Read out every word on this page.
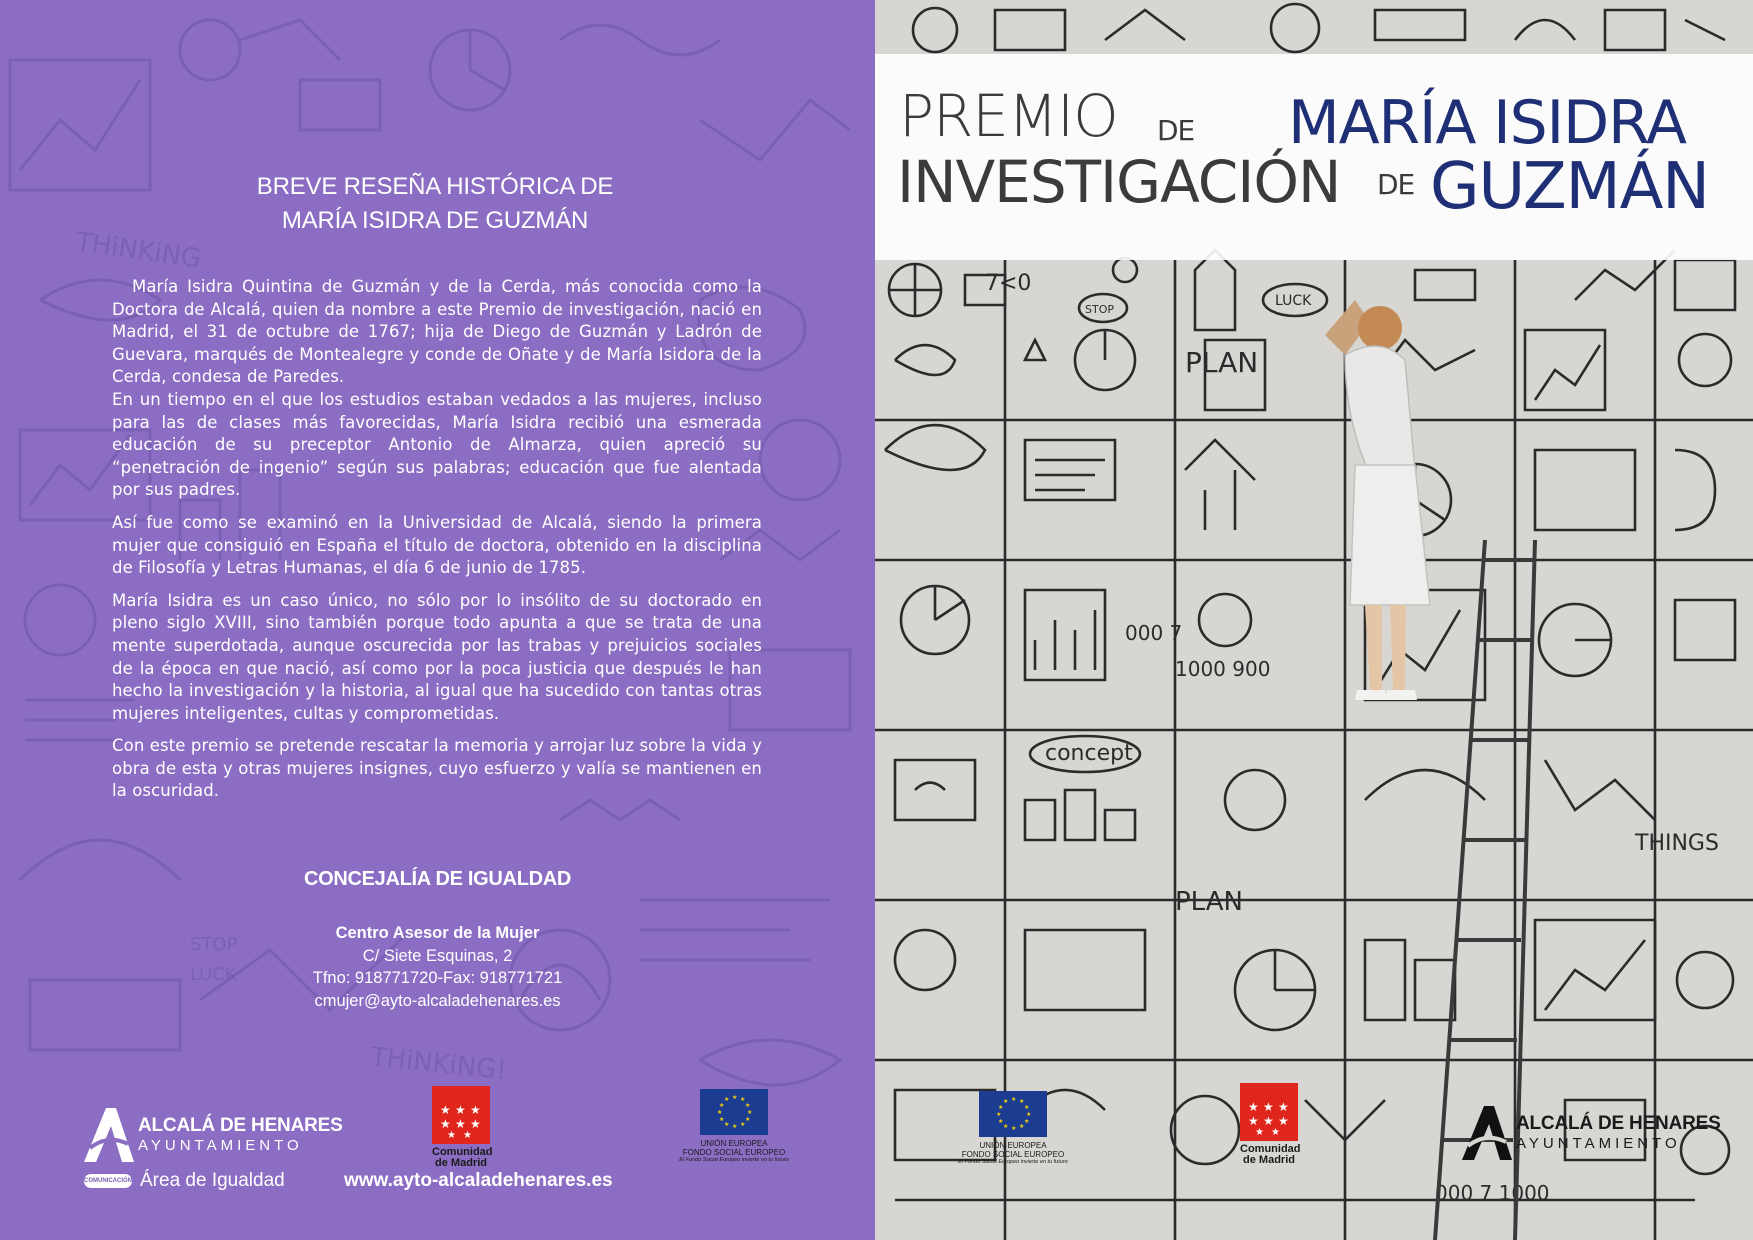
THiNKiNG
THiNKiNG!
LUCK
STOP
BREVE RESEÑA HISTÓRICA DE
MARÍA ISIDRA DE GUZMÁN

María Isidra Quintina de Guzmán y de la Cerda, más conocida como la Doctora de Alcalá, quien da nombre a este Premio de investigación, nació en Madrid, el 31 de octubre de 1767; hija de Diego de Guzmán y Ladrón de Guevara, marqués de Montealegre y conde de Oñate y de María Isidora de la Cerda, condesa de Paredes.

En un tiempo en el que los estudios estaban vedados a las mujeres, incluso para las de clases más favorecidas, María Isidra recibió una esmerada educación de su preceptor Antonio de Almarza, quien apreció su “penetración de ingenio” según sus palabras; educación que fue alentada por sus padres.

Así fue como se examinó en la Universidad de Alcalá, siendo la primera mujer que consiguió en España el título de doctora, obtenido en la disciplina de Filosofía y Letras Humanas, el día 6 de junio de 1785.

María Isidra es un caso único, no sólo por lo insólito de su doctorado en pleno siglo XVIII, sino también porque todo apunta a que se trata de una mente superdotada, aunque oscurecida por las trabas y prejuicios sociales de la época en que nació, así como por la poca justicia que después le han hecho la investigación y la historia, al igual que ha sucedido con tantas otras mujeres inteligentes, cultas y comprometidas.

Con este premio se pretende rescatar la memoria y arrojar luz sobre la vida y obra de esta y otras mujeres insignes, cuyo esfuerzo y valía se mantienen en la oscuridad.

CONCEJALÍA DE IGUALDAD
Centro Asesor de la Mujer
C/ Siete Esquinas, 2
Tfno: 918771720-Fax: 918771721
cmujer@ayto-alcaladehenares.es
ALCALÁ DE HENARES
AYUNTAMIENTO
★ ★ ★
★ ★ ★
★ ★
Comunidad
de Madrid
★ ★
★
★
★
★
★
★
★
★
★
★
UNIÓN EUROPEA
FONDO SOCIAL EUROPEO
El Fondo Social Europeo invierte en tu futuro
COMUNICACIÓN Área de Igualdad	www.ayto-alcaladehenares.es
7<0
STOP
LUCK
PLAN
000 7
1000 900
concept
THINGS
PLAN
000 7 1000
PREMIO DE
INVESTIGACIÓN DE
MARÍA ISIDRA
GUZMÁN
★ ★
★
★
★
★
★
★
★
★
★
★
UNIÓN EUROPEA
FONDO SOCIAL EUROPEO
El Fondo Social Europeo invierte en tu futuro
★ ★ ★
★ ★ ★
★ ★
Comunidad
de Madrid
ALCALÁ DE HENARES
AYUNTAMIENTO
